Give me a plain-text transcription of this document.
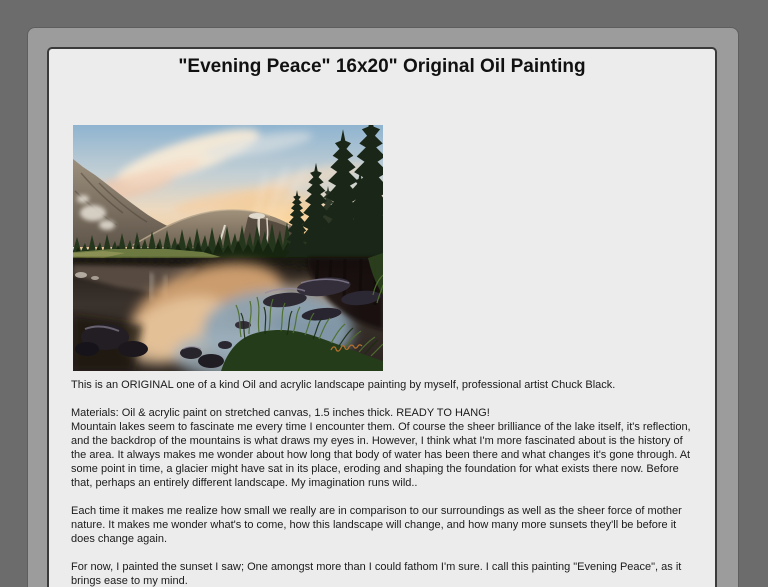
"Evening Peace" 16x20" Original Oil Painting

This is an ORIGINAL one of a kind Oil and acrylic landscape painting by myself, professional artist Chuck Black.

Materials: Oil & acrylic paint on stretched canvas, 1.5 inches thick. READY TO HANG!
Mountain lakes seem to fascinate me every time I encounter them. Of course the sheer brilliance of the lake itself, it's reflection, and the backdrop of the mountains is what draws my eyes in. However, I think what I'm more fascinated about is the history of the area. It always makes me wonder about how long that body of water has been there and what changes it's gone through. At some point in time, a glacier might have sat in its place, eroding and shaping the foundation for what exists there now. Before that, perhaps an entirely different landscape. My imagination runs wild..

Each time it makes me realize how small we really are in comparison to our surroundings as well as the sheer force of mother nature. It makes me wonder what's to come, how this landscape will change, and how many more sunsets they'll be before it does change again.

For now, I painted the sunset I saw; One amongst more than I could fathom I'm sure. I call this painting "Evening Peace", as it brings ease to my mind.
